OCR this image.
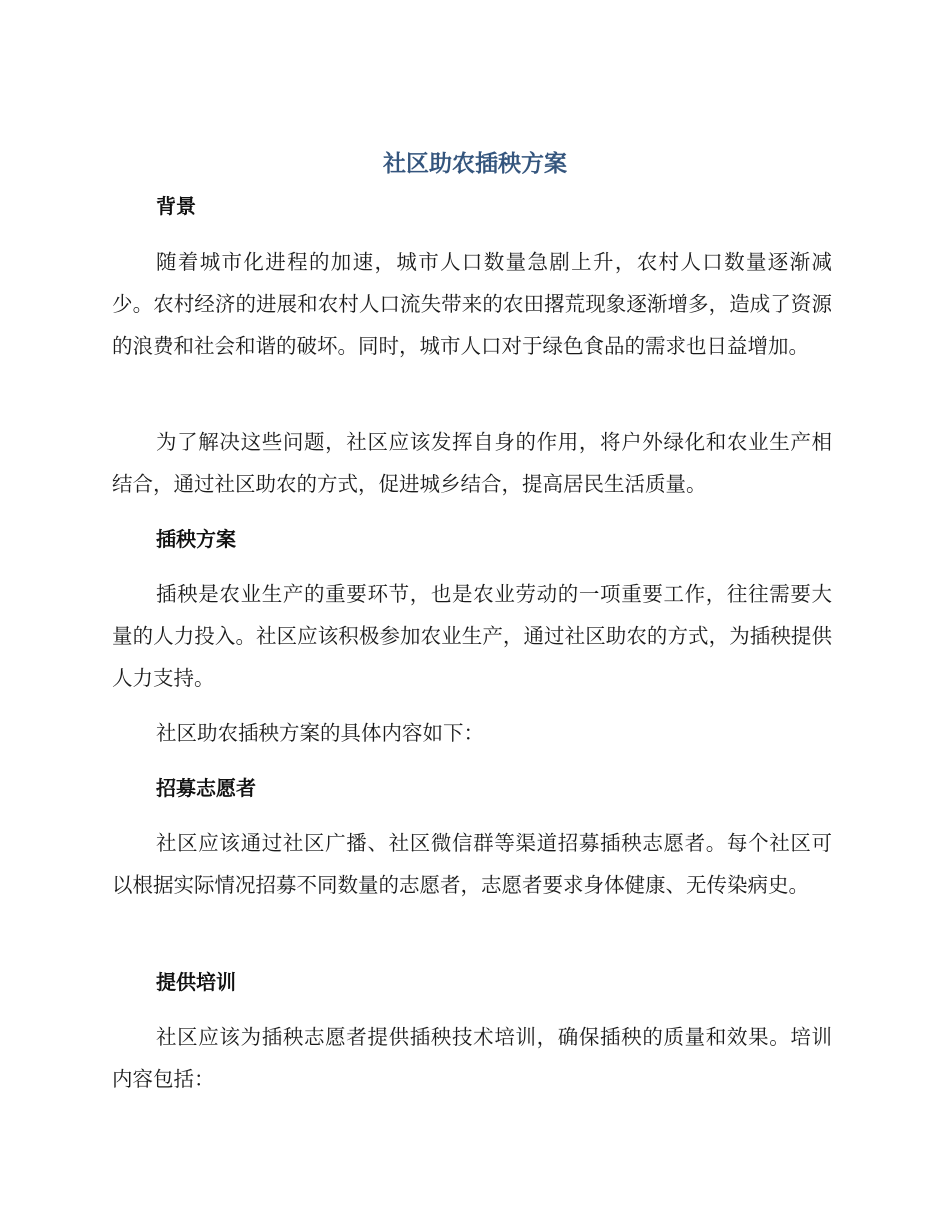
社区助农插秧方案
背景

随着城市化进程的加速，城市人口数量急剧上升，农村人口数量逐渐减少。农村经济的进展和农村人口流失带来的农田撂荒现象逐渐增多，造成了资源的浪费和社会和谐的破坏。同时，城市人口对于绿色食品的需求也日益增加。

为了解决这些问题，社区应该发挥自身的作用，将户外绿化和农业生产相结合，通过社区助农的方式，促进城乡结合，提高居民生活质量。

插秧方案

插秧是农业生产的重要环节，也是农业劳动的一项重要工作，往往需要大量的人力投入。社区应该积极参加农业生产，通过社区助农的方式，为插秧提供人力支持。

社区助农插秧方案的具体内容如下：

招募志愿者

社区应该通过社区广播、社区微信群等渠道招募插秧志愿者。每个社区可以根据实际情况招募不同数量的志愿者，志愿者要求身体健康、无传染病史。

提供培训

社区应该为插秧志愿者提供插秧技术培训，确保插秧的质量和效果。培训内容包括：
